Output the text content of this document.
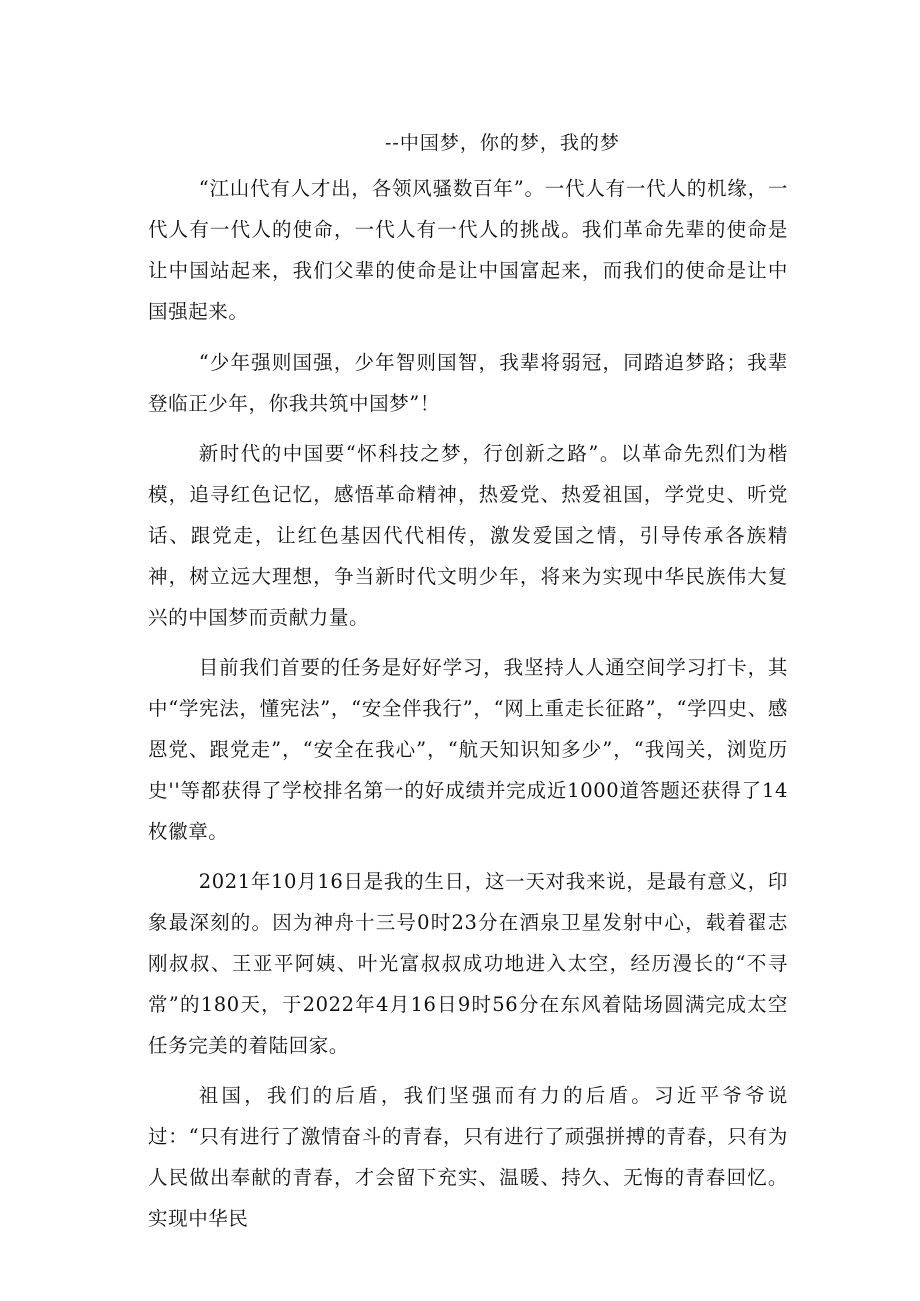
--中国梦，你的梦，我的梦

“江山代有人才出，各领风骚数百年”。一代人有一代人的机缘，一代人有一代人的使命，一代人有一代人的挑战。我们革命先辈的使命是让中国站起来，我们父辈的使命是让中国富起来，而我们的使命是让中国强起来。

“少年强则国强，少年智则国智，我辈将弱冠，同踏追梦路；我辈登临正少年，你我共筑中国梦”！

新时代的中国要“怀科技之梦，行创新之路”。以革命先烈们为楷模，追寻红色记忆，感悟革命精神，热爱党、热爱祖国，学党史、听党话、跟党走，让红色基因代代相传，激发爱国之情，引导传承各族精神，树立远大理想，争当新时代文明少年，将来为实现中华民族伟大复兴的中国梦而贡献力量。

目前我们首要的任务是好好学习，我坚持人人通空间学习打卡，其中“学宪法，懂宪法”，“安全伴我行”，“网上重走长征路”，“学四史、感恩党、跟党走”，“安全在我心”，“航天知识知多少”，“我闯关，浏览历史''等都获得了学校排名第一的好成绩并完成近1000道答题还获得了14枚徽章。

2021年10月16日是我的生日，这一天对我来说，是最有意义，印象最深刻的。因为神舟十三号0时23分在酒泉卫星发射中心，载着翟志刚叔叔、王亚平阿姨、叶光富叔叔成功地进入太空，经历漫长的“不寻常”的180天，于2022年4月16日9时56分在东风着陆场圆满完成太空任务完美的着陆回家。

祖国，我们的后盾，我们坚强而有力的后盾。习近平爷爷说过：“只有进行了激情奋斗的青春，只有进行了顽强拼搏的青春，只有为人民做出奉献的青春，才会留下充实、温暖、持久、无悔的青春回忆。实现中华民
